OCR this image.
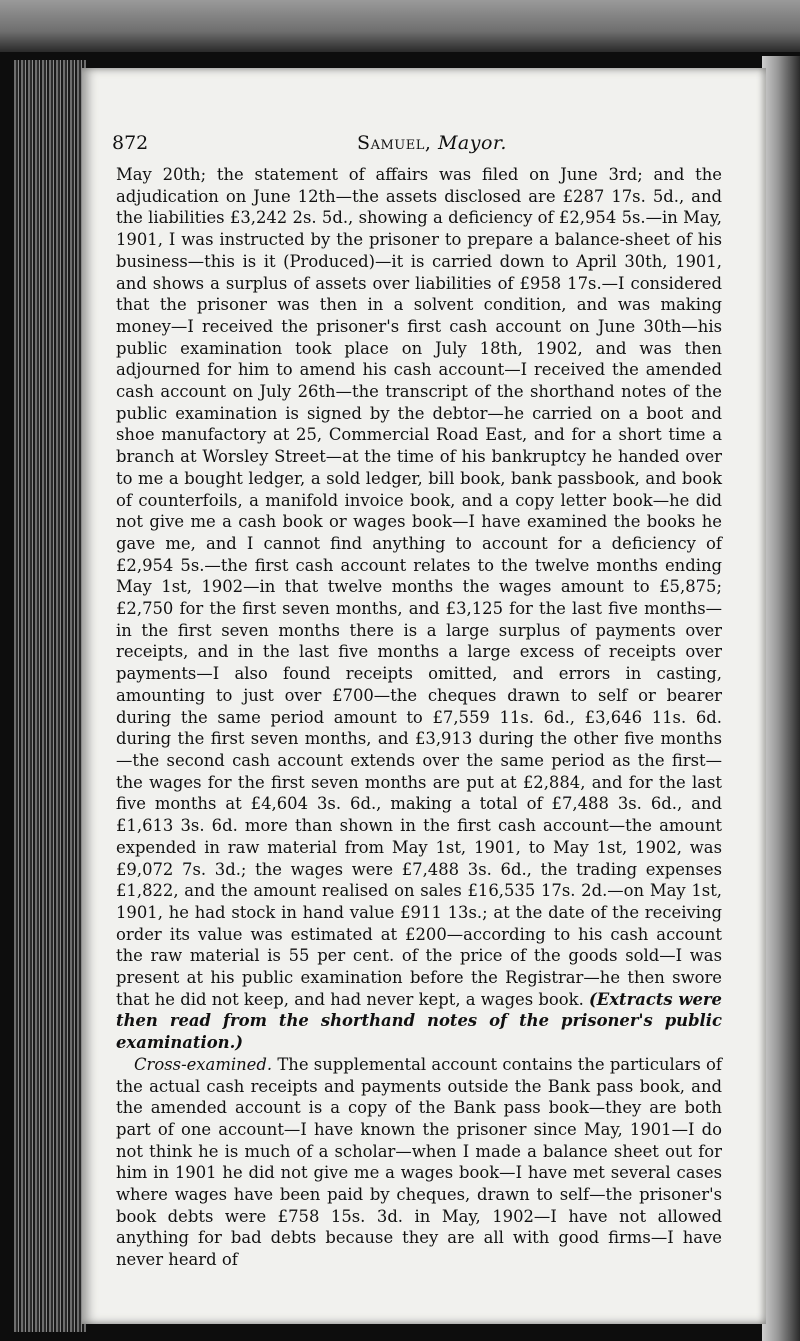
872	Samuel, Mayor.

May 20th; the statement of affairs was filed on June 3rd; and the adjudication on June 12th—the assets disclosed are £287 17s. 5d., and the liabilities £3,242 2s. 5d., showing a deficiency of £2,954 5s.—in May, 1901, I was instructed by the prisoner to prepare a balance-sheet of his business—this is it (Produced)—it is carried down to April 30th, 1901, and shows a surplus of assets over liabilities of £958 17s.—I considered that the prisoner was then in a solvent condition, and was making money—I received the prisoner's first cash account on June 30th—his public examination took place on July 18th, 1902, and was then adjourned for him to amend his cash account—I received the amended cash account on July 26th—the transcript of the shorthand notes of the public examination is signed by the debtor—he carried on a boot and shoe manufactory at 25, Commercial Road East, and for a short time a branch at Worsley Street—at the time of his bankruptcy he handed over to me a bought ledger, a sold ledger, bill book, bank passbook, and book of counterfoils, a manifold invoice book, and a copy letter book—he did not give me a cash book or wages book—I have examined the books he gave me, and I cannot find anything to account for a deficiency of £2,954 5s.—the first cash account relates to the twelve months ending May 1st, 1902—in that twelve months the wages amount to £5,875; £2,750 for the first seven months, and £3,125 for the last five months—in the first seven months there is a large surplus of payments over receipts, and in the last five months a large excess of receipts over payments—I also found receipts omitted, and errors in casting, amounting to just over £700—the cheques drawn to self or bearer during the same period amount to £7,559 11s. 6d., £3,646 11s. 6d. during the first seven months, and £3,913 during the other five months—the second cash account extends over the same period as the first—the wages for the first seven months are put at £2,884, and for the last five months at £4,604 3s. 6d., making a total of £7,488 3s. 6d., and £1,613 3s. 6d. more than shown in the first cash account—the amount expended in raw material from May 1st, 1901, to May 1st, 1902, was £9,072 7s. 3d.; the wages were £7,488 3s. 6d., the trading expenses £1,822, and the amount realised on sales £16,535 17s. 2d.—on May 1st, 1901, he had stock in hand value £911 13s.; at the date of the receiving order its value was estimated at £200—according to his cash account the raw material is 55 per cent. of the price of the goods sold—I was present at his public examination before the Registrar—he then swore that he did not keep, and had never kept, a wages book. (Extracts were then read from the shorthand notes of the prisoner's public examination.)

Cross-examined. The supplemental account contains the particulars of the actual cash receipts and payments outside the Bank pass book, and the amended account is a copy of the Bank pass book—they are both part of one account—I have known the prisoner since May, 1901—I do not think he is much of a scholar—when I made a balance sheet out for him in 1901 he did not give me a wages book—I have met several cases where wages have been paid by cheques, drawn to self—the prisoner's book debts were £758 15s. 3d. in May, 1902—I have not allowed anything for bad debts because they are all with good firms—I have never heard of
